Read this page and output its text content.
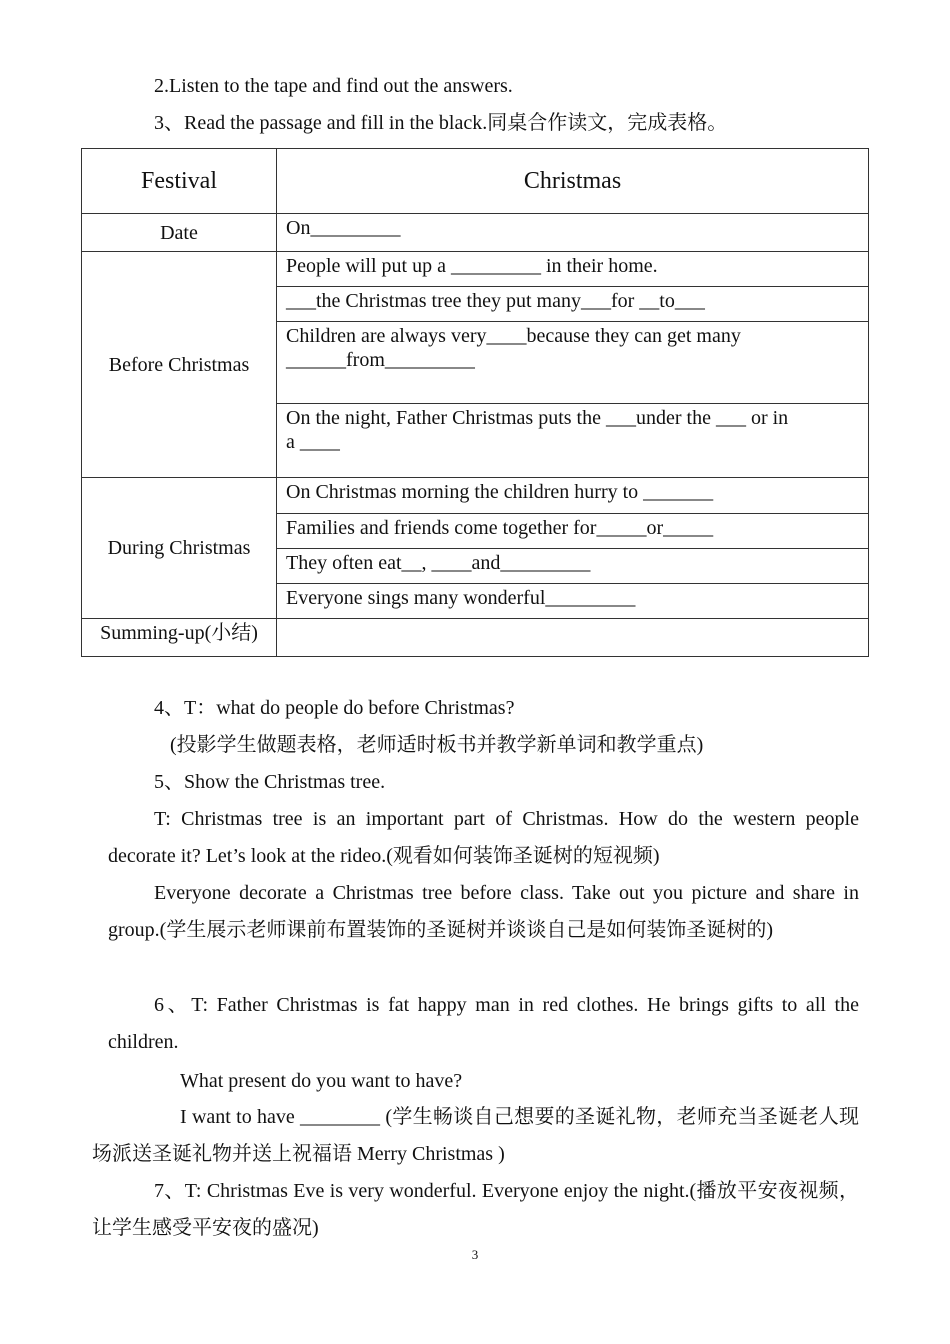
2.Listen to the tape and find out the answers.
3、Read the passage and fill in the black.同桌合作读文，完成表格。
Festival	Christmas
Date	On_________
Before Christmas	People will put up a _________ in their home.
	___the Christmas tree they put many___for __to___
	Children are always very____because they can get many ______from_________
	On the night, Father Christmas puts the ___under the ___ or in a ____
During Christmas	On Christmas morning the children hurry to _______
	Families and friends come together for_____or_____
	They often eat__, ____and_________
	Everyone sings many wonderful_________
Summing-up(小结)	
4、T：what do people do before Christmas?
(投影学生做题表格，老师适时板书并教学新单词和教学重点)
5、Show the Christmas tree.
T: Christmas tree is an important part of Christmas. How do the western people decorate it? Let’s look at the rideo.(观看如何装饰圣诞树的短视频)
Everyone decorate a Christmas tree before class. Take out you picture and share in group.(学生展示老师课前布置装饰的圣诞树并谈谈自己是如何装饰圣诞树的)
6、T: Father Christmas is fat happy man in red clothes. He brings gifts to all the children.
What present do you want to have?
I want to have ________ (学生畅谈自己想要的圣诞礼物，老师充当圣诞老人现场派送圣诞礼物并送上祝福语 Merry Christmas )
7、T: Christmas Eve is very wonderful. Everyone enjoy the night.(播放平安夜视频，让学生感受平安夜的盛况)
3
